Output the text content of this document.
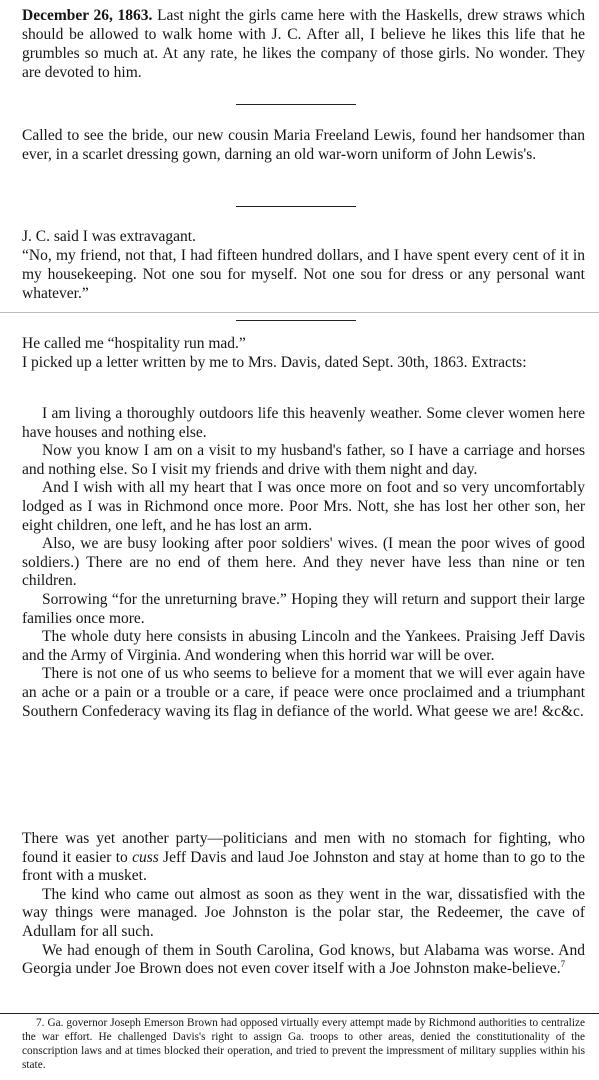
December 26, 1863. Last night the girls came here with the Haskells, drew straws which should be allowed to walk home with J. C. After all, I believe he likes this life that he grumbles so much at. At any rate, he likes the company of those girls. No wonder. They are devoted to him.

Called to see the bride, our new cousin Maria Freeland Lewis, found her handsomer than ever, in a scarlet dressing gown, darning an old war-worn uniform of John Lewis's.

J. C. said I was extravagant.

“No, my friend, not that, I had fifteen hundred dollars, and I have spent every cent of it in my housekeeping. Not one sou for myself. Not one sou for dress or any personal want whatever.”

He called me “hospitality run mad.”

I picked up a letter written by me to Mrs. Davis, dated Sept. 30th, 1863. Extracts:

I am living a thoroughly outdoors life this heavenly weather. Some clever women here have houses and nothing else.

Now you know I am on a visit to my husband's father, so I have a carriage and horses and nothing else. So I visit my friends and drive with them night and day.

And I wish with all my heart that I was once more on foot and so very uncomfortably lodged as I was in Richmond once more. Poor Mrs. Nott, she has lost her other son, her eight children, one left, and he has lost an arm.

Also, we are busy looking after poor soldiers' wives. (I mean the poor wives of good soldiers.) There are no end of them here. And they never have less than nine or ten children.

Sorrowing “for the unreturning brave.” Hoping they will return and support their large families once more.

The whole duty here consists in abusing Lincoln and the Yankees. Praising Jeff Davis and the Army of Virginia. And wondering when this horrid war will be over.

There is not one of us who seems to believe for a moment that we will ever again have an ache or a pain or a trouble or a care, if peace were once proclaimed and a triumphant Southern Confederacy waving its flag in defiance of the world. What geese we are! &c&c.

There was yet another party—politicians and men with no stomach for fighting, who found it easier to cuss Jeff Davis and laud Joe Johnston and stay at home than to go to the front with a musket.

The kind who came out almost as soon as they went in the war, dissatisfied with the way things were managed. Joe Johnston is the polar star, the Redeemer, the cave of Adullam for all such.

We had enough of them in South Carolina, God knows, but Alabama was worse. And Georgia under Joe Brown does not even cover itself with a Joe Johnston make-believe.$^7$

7. Ga. governor Joseph Emerson Brown had opposed virtually every attempt made by Richmond authorities to centralize the war effort. He challenged Davis's right to assign Ga. troops to other areas, denied the constitutionality of the conscription laws and at times blocked their operation, and tried to prevent the impressment of military supplies within his state.
